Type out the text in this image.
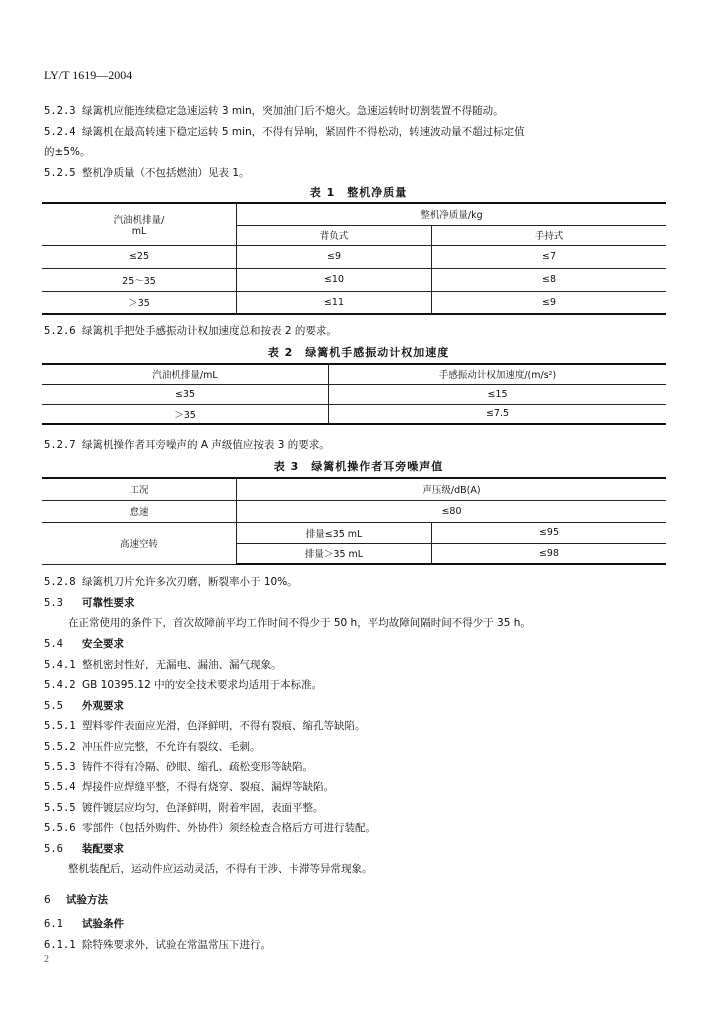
LY/T 1619—2004
5.2.3 绿篱机应能连续稳定急速运转 3 min，突加油门后不熄火。急速运转时切割装置不得随动。
5.2.4 绿篱机在最高转速下稳定运转 5 min，不得有异响，紧固件不得松动，转速波动量不超过标定值
的±5%。
5.2.5 整机净质量（不包括燃油）见表 1。
表 1　整机净质量
汽油机排量/
mL	整机净质量/kg	
	背负式	手持式
≤25	≤9	≤7
25～35	≤10	≤8
＞35	≤11	≤9
5.2.6 绿篱机手把处手感振动计权加速度总和按表 2 的要求。
表 2　绿篱机手感振动计权加速度
汽油机排量/mL	手感振动计权加速度/(m/s²)
≤35	≤15
＞35	≤7.5
5.2.7 绿篱机操作者耳旁噪声的 A 声级值应按表 3 的要求。
表 3　绿篱机操作者耳旁噪声值
工况	声压级/dB(A)	
怠速	≤80	
高速空转	排量≤35 mL	≤95
	排量＞35 mL	≤98
5.2.8 绿篱机刀片允许多次刃磨，断裂率小于 10%。
5.3 可靠性要求
在正常使用的条件下，首次故障前平均工作时间不得少于 50 h，平均故障间隔时间不得少于 35 h。
5.4 安全要求
5.4.1 整机密封性好，无漏电、漏油、漏气现象。
5.4.2 GB 10395.12 中的安全技术要求均适用于本标准。
5.5 外观要求
5.5.1 塑料零件表面应光滑，色泽鲜明，不得有裂痕、缩孔等缺陷。
5.5.2 冲压件应完整，不允许有裂纹、毛刺。
5.5.3 铸件不得有冷隔、砂眼、缩孔、疏松变形等缺陷。
5.5.4 焊接件应焊缝平整，不得有烧穿、裂痕、漏焊等缺陷。
5.5.5 镀件镀层应均匀，色泽鲜明，附着牢固，表面平整。
5.5.6 零部件（包括外购件、外协件）须经检查合格后方可进行装配。
5.6 装配要求
整机装配后，运动件应运动灵活，不得有干涉、卡滞等异常现象。
6 试验方法
6.1 试验条件
6.1.1 除特殊要求外，试验在常温常压下进行。
2
